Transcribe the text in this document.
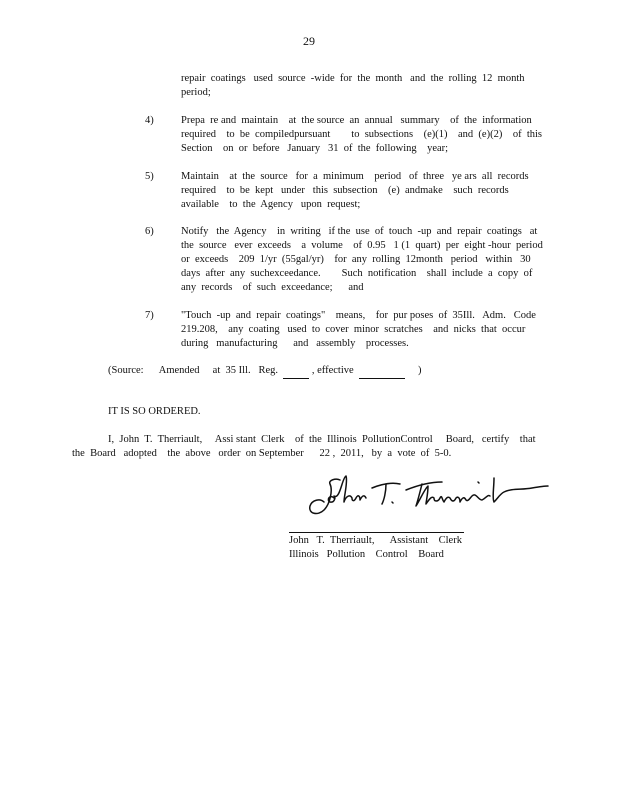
29
repair  coatings   used  source  -wide  for  the  month   and  the  rolling  12  month
period;
4)	Prepa  re and  maintain    at  the source  an  annual   summary    of  the  information
required    to  be  compiledpursuant        to  subsections    (e)(1)    and  (e)(2)    of  this
Section    on  or  before   January   31  of  the  following    year;
5)	Maintain    at  the  source   for  a  minimum    period   of  three   ye ars  all  records
required    to  be  kept   under   this  subsection    (e)  andmake    such  records
available    to  the  Agency   upon  request;
6)	Notify   the  Agency    in  writing   if the  use  of  touch  -up  and  repair  coatings   at
the  source   ever  exceeds    a  volume    of  0.95   1 (1  quart)  per  eight -hour  period
or  exceeds    209  1/yr  (55gal/yr)    for  any  rolling  12month   period   within   30
days  after  any  suchexceedance.        Such  notification    shall  include  a  copy  of
any  records    of  such  exceedance;      and
7)	"Touch  -up  and  repair  coatings"    means,    for  pur poses  of  35Ill.   Adm.   Code
219.208,    any  coating   used  to  cover  minor  scratches    and  nicks  that  occur
during   manufacturing      and   assembly    processes.
(Source:      Amended     at  35 Ill.   Reg.    , effective	)
IT IS SO ORDERED.
I,  John  T.  Therriault,     Assi stant  Clerk    of  the  Illinois  PollutionControl     Board,   certify    that
the  Board   adopted    the  above   order  on September      22 ,  2011,   by  a  vote  of  5-0.
John   T.  Therriault,      Assistant    Clerk
Illinois   Pollution    Control    Board
